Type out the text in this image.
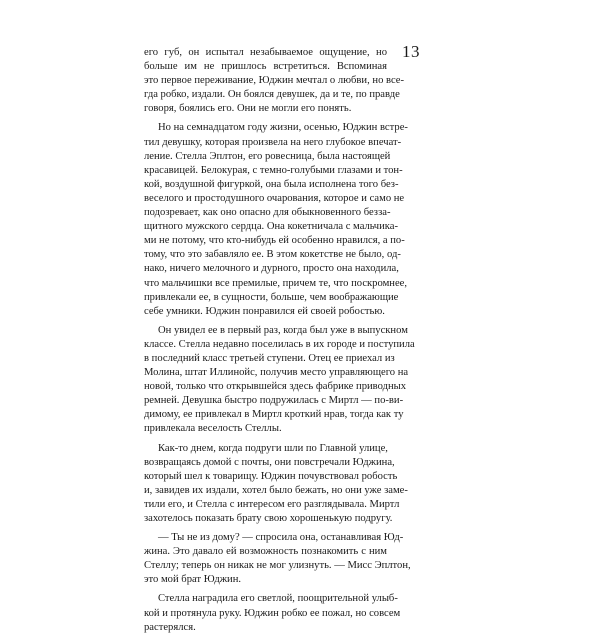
13
его губ, он испытал незабываемое ощущение, но
больше им не пришлось встретиться. Вспоминая
это первое переживание, Юджин мечтал о любви, но все-
гда робко, издали. Он боялся девушек, да и те, по правде
говоря, боялись его. Они не могли его понять.
Но на семнадцатом году жизни, осенью, Юджин встре-
тил девушку, которая произвела на него глубокое впечат-
ление. Стелла Эплтон, его ровесница, была настоящей
красавицей. Белокурая, с темно-голубыми глазами и тон-
кой, воздушной фигуркой, она была исполнена того без-
веселого и простодушного очарования, которое и само не
подозревает, как оно опасно для обыкновенного безза-
щитного мужского сердца. Она кокетничала с мальчика-
ми не потому, что кто-нибудь ей особенно нравился, а по-
тому, что это забавляло ее. В этом кокетстве не было, од-
нако, ничего мелочного и дурного, просто она находила,
что мальчишки все премилые, причем те, что поскромнее,
привлекали ее, в сущности, больше, чем воображающие
себе умники. Юджин понравился ей своей робостью.
Он увидел ее в первый раз, когда был уже в выпускном
классе. Стелла недавно поселилась в их городе и поступила
в последний класс третьей ступени. Отец ее приехал из
Молина, штат Иллинойс, получив место управляющего на
новой, только что открывшейся здесь фабрике приводных
ремней. Девушка быстро подружилась с Миртл — по-ви-
димому, ее привлекал в Миртл кроткий нрав, тогда как ту
привлекала веселость Стеллы.
Как-то днем, когда подруги шли по Главной улице,
возвращаясь домой с почты, они повстречали Юджина,
который шел к товарищу. Юджин почувствовал робость
и, завидев их издали, хотел было бежать, но они уже заме-
тили его, и Стелла с интересом его разглядывала. Миртл
захотелось показать брату свою хорошенькую подругу.
— Ты не из дому? — спросила она, останавливая Юд-
жина. Это давало ей возможность познакомить с ним
Стеллу; теперь он никак не мог улизнуть. — Мисс Эплтон,
это мой брат Юджин.
Стелла наградила его светлой, поощрительной улыб-
кой и протянула руку. Юджин робко ее пожал, но совсем
растерялся.
